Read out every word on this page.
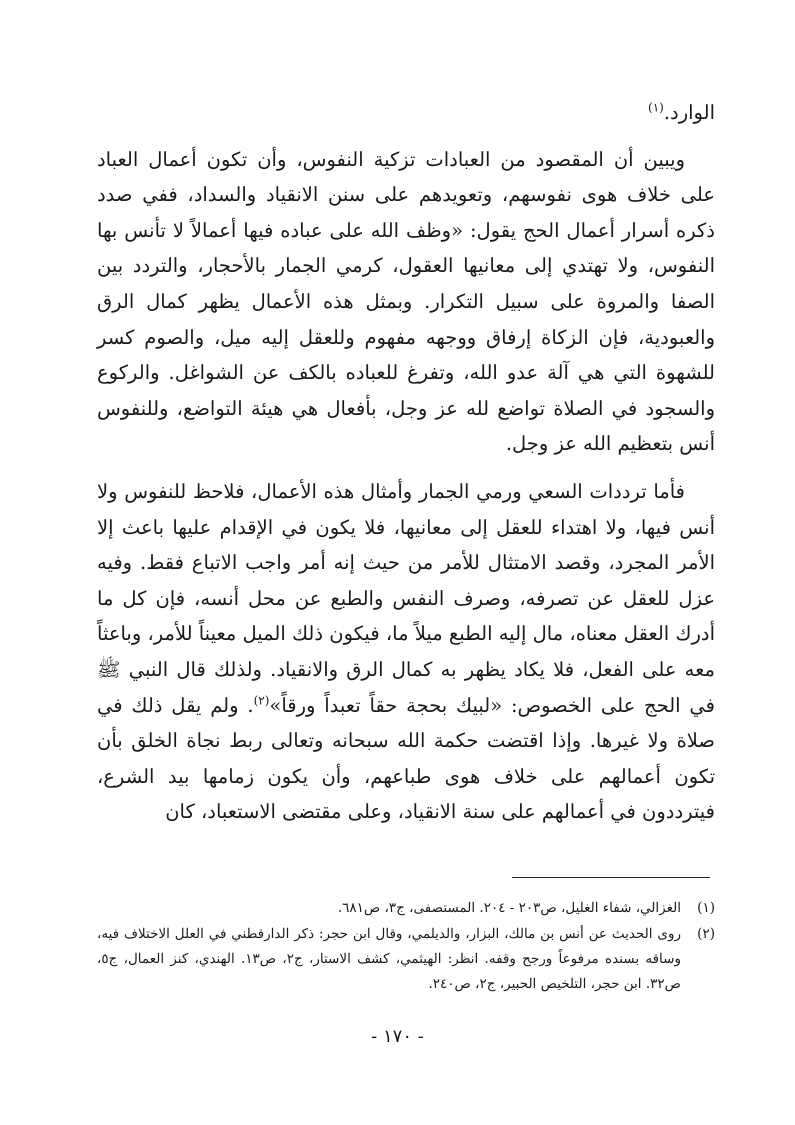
الوارد.$^{(١)}$

ويبين أن المقصود من العبادات تزكية النفوس، وأن تكون أعمال العباد على خلاف هوى نفوسهم، وتعويدهم على سنن الانقياد والسداد، ففي صدد ذكره أسرار أعمال الحج يقول: «وظف الله على عباده فيها أعمالاً لا تأنس بها النفوس، ولا تهتدي إلى معانيها العقول، كرمي الجمار بالأحجار، والتردد بين الصفا والمروة على سبيل التكرار. وبمثل هذه الأعمال يظهر كمال الرق والعبودية، فإن الزكاة إرفاق ووجهه مفهوم وللعقل إليه ميل، والصوم كسر للشهوة التي هي آلة عدو الله، وتفرغ للعباده بالكف عن الشواغل. والركوع والسجود في الصلاة تواضع لله عز وجل، بأفعال هي هيئة التواضع، وللنفوس أنس بتعظيم الله عز وجل.

فأما ترددات السعي ورمي الجمار وأمثال هذه الأعمال، فلاحظ للنفوس ولا أنس فيها، ولا اهتداء للعقل إلى معانيها، فلا يكون في الإقدام عليها باعث إلا الأمر المجرد، وقصد الامتثال للأمر من حيث إنه أمر واجب الاتباع فقط. وفيه عزل للعقل عن تصرفه، وصرف النفس والطبع عن محل أنسه، فإن كل ما أدرك العقل معناه، مال إليه الطبع ميلاً ما، فيكون ذلك الميل معيناً للأمر، وباعثاً معه على الفعل، فلا يكاد يظهر به كمال الرق والانقياد. ولذلك قال النبي ﷺ في الحج على الخصوص: «لبيك بحجة حقاً تعبداً ورقاً»$^{(٢)}$. ولم يقل ذلك في صلاة ولا غيرها. وإذا اقتضت حكمة الله سبحانه وتعالى ربط نجاة الخلق بأن تكون أعمالهم على خلاف هوى طباعهم، وأن يكون زمامها بيد الشرع، فيترددون في أعمالهم على سنة الانقياد، وعلى مقتضى الاستعباد، كان

(١)
الغزالي، شفاء الغليل، ص٢٠٣ - ٢٠٤. المستصفى، ج٣، ص٦٨١.
(٢)
روى الحديث عن أنس بن مالك، البزار، والديلمي، وقال ابن حجر: ذكر الدارقطني في العلل الاختلاف فيه، وساقه بسنده مرفوعاً ورجح وقفه. انظر: الهيثمي، كشف الاستار، ج٢، ص١٣. الهندي، كنز العمال، ج٥، ص٣٢. ابن حجر، التلخيص الحبير، ج٢، ص٢٤٠.
- ١٧٠ -
